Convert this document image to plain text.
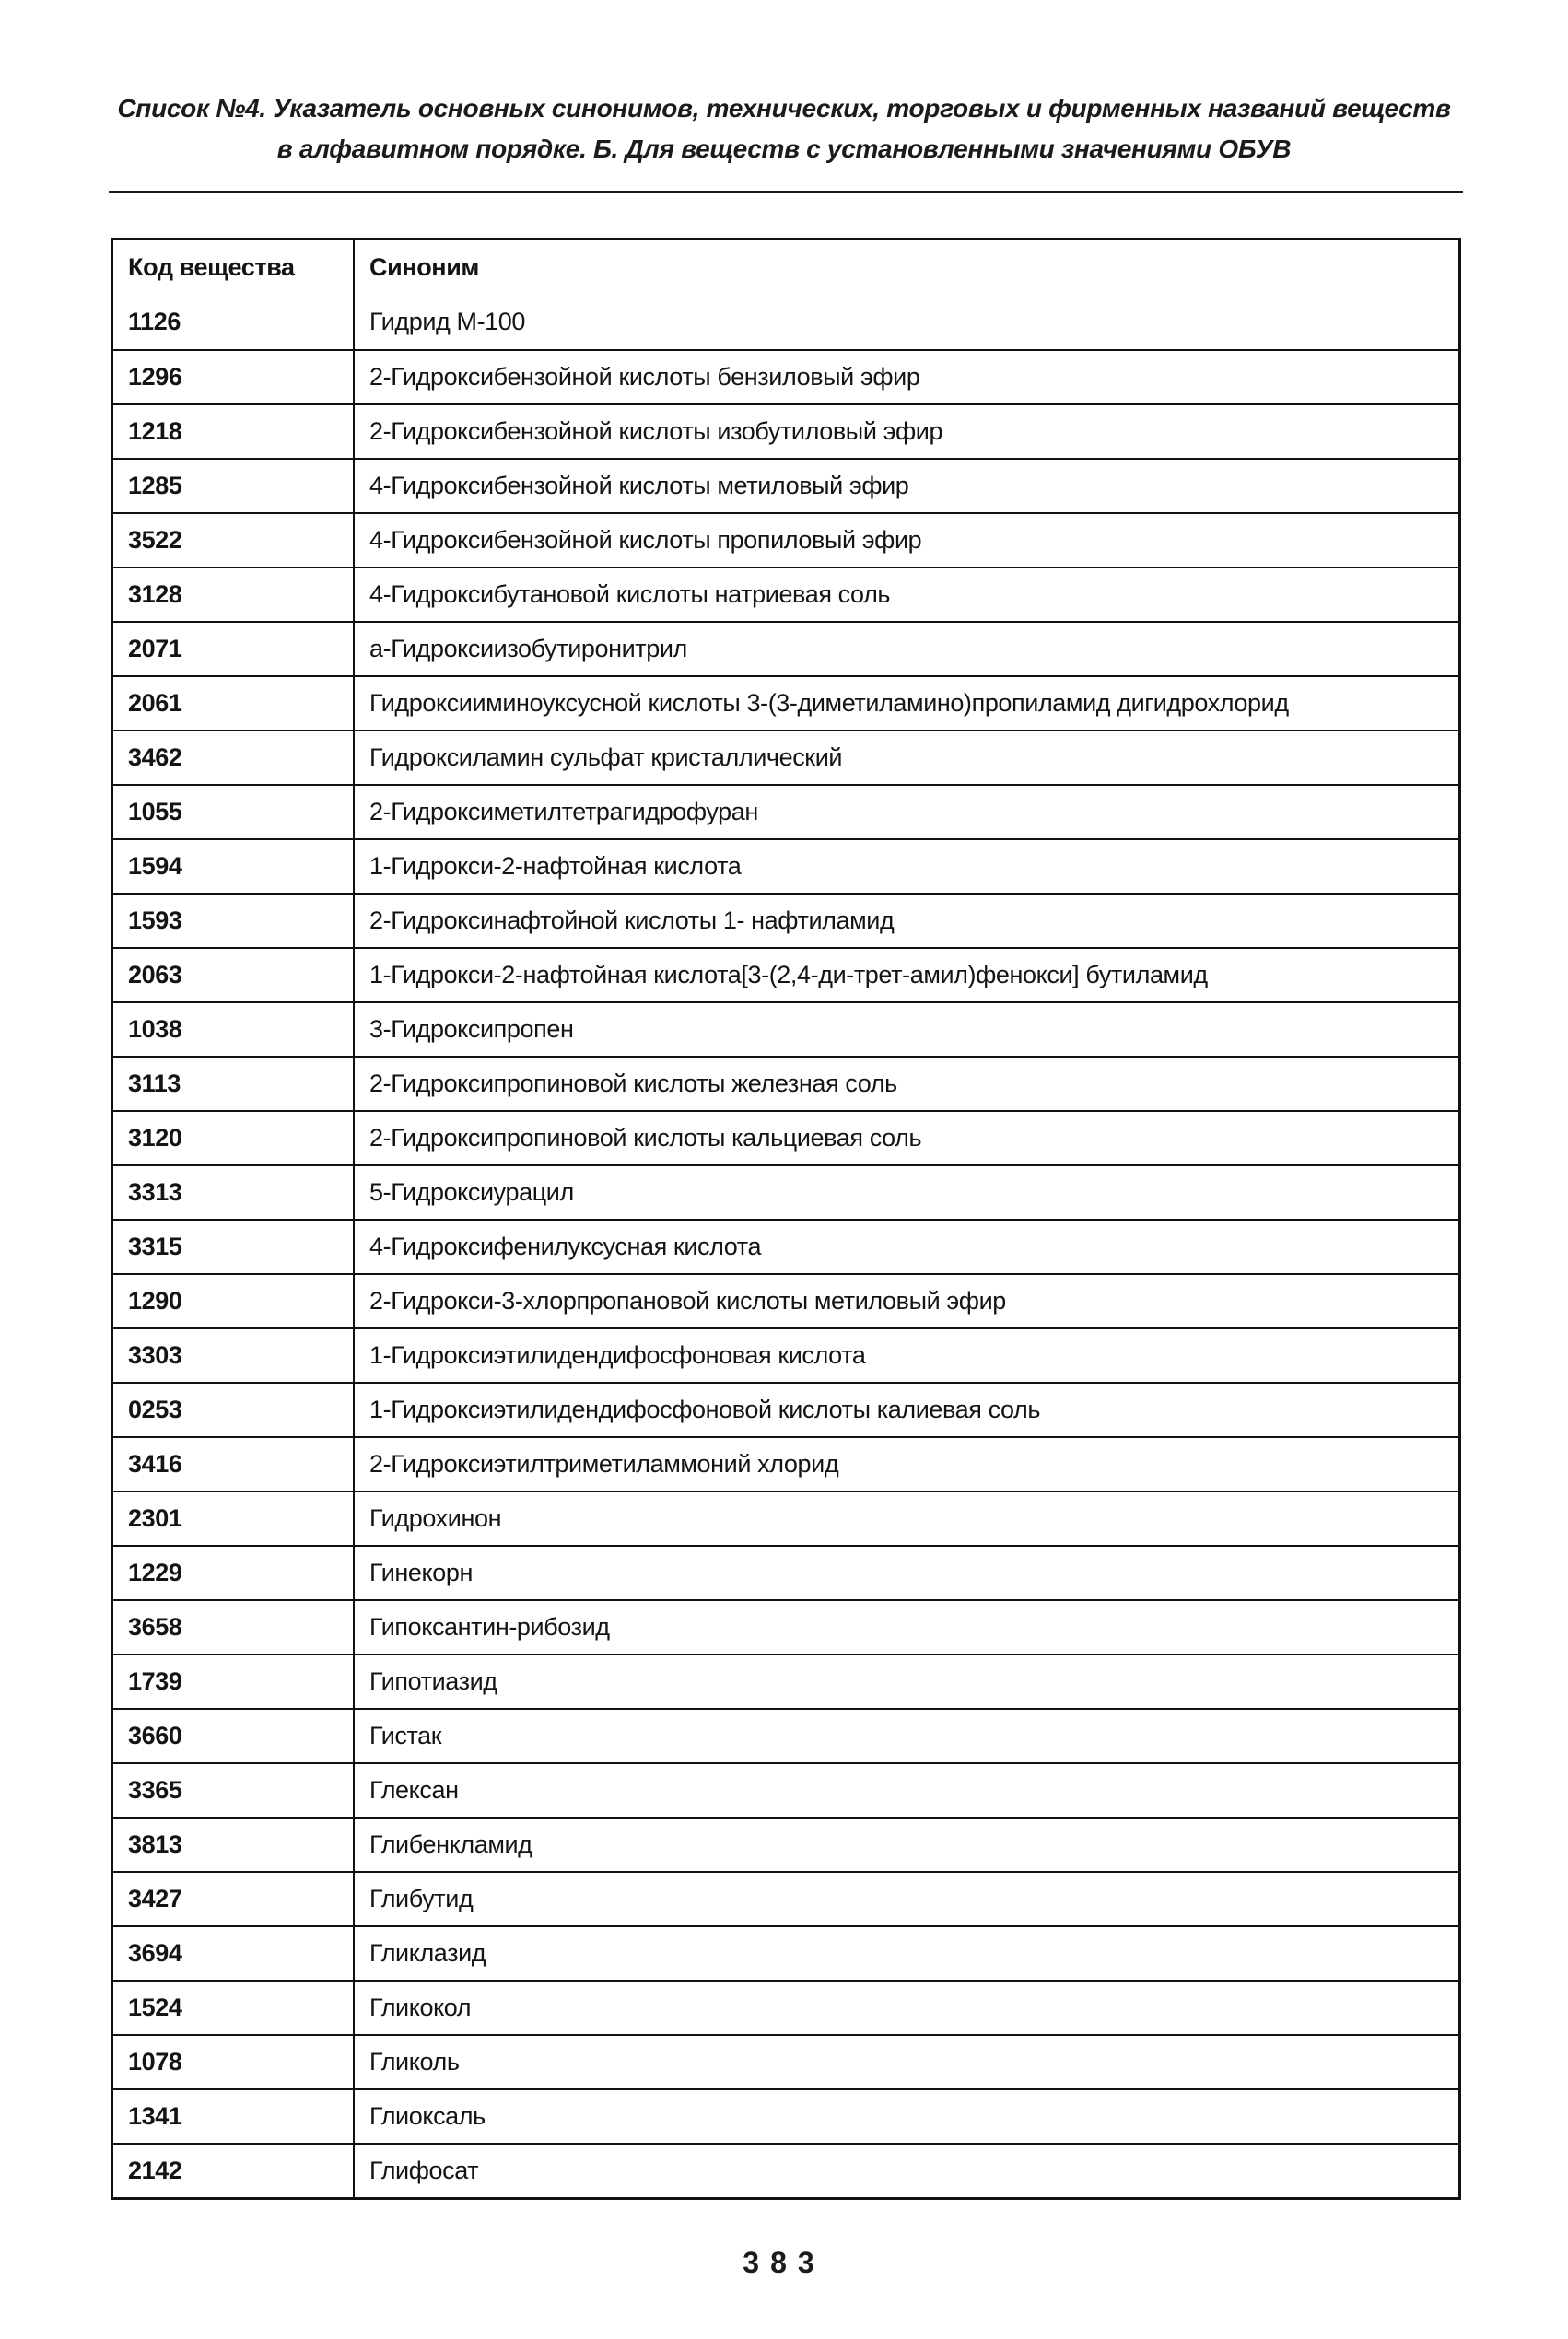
Список №4. Указатель основных синонимов, технических, торговых и фирменных названий веществ
в алфавитном порядке. Б. Для веществ с установленными значениями ОБУВ
Код вещества	Синоним
1126	Гидрид М-100
1296	2-Гидроксибензойной кислоты бензиловый эфир
1218	2-Гидроксибензойной кислоты изобутиловый эфир
1285	4-Гидроксибензойной кислоты метиловый эфир
3522	4-Гидроксибензойной кислоты пропиловый эфир
3128	4-Гидроксибутановой кислоты натриевая соль
2071	a-Гидроксиизобутиронитрил
2061	Гидроксииминоуксусной кислоты 3-(3-диметиламино)пропиламид дигидрохлорид
3462	Гидроксиламин сульфат кристаллический
1055	2-Гидроксиметилтетрагидрофуран
1594	1-Гидрокси-2-нафтойная кислота
1593	2-Гидроксинафтойной кислоты 1- нафтиламид
2063	1-Гидрокси-2-нафтойная кислота[3-(2,4-ди-трет-амил)фенокси] бутиламид
1038	3-Гидроксипропен
3113	2-Гидроксипропиновой кислоты железная соль
3120	2-Гидроксипропиновой кислоты кальциевая соль
3313	5-Гидроксиурацил
3315	4-Гидроксифенилуксусная кислота
1290	2-Гидрокси-3-хлорпропановой кислоты метиловый эфир
3303	1-Гидроксиэтилидендифосфоновая кислота
0253	1-Гидроксиэтилидендифосфоновой кислоты калиевая соль
3416	2-Гидроксиэтилтриметиламмоний хлорид
2301	Гидрохинон
1229	Гинекорн
3658	Гипоксантин-рибозид
1739	Гипотиазид
3660	Гистак
3365	Глексан
3813	Глибенкламид
3427	Глибутид
3694	Гликлазид
1524	Гликокол
1078	Гликоль
1341	Глиоксаль
2142	Глифосат
383
